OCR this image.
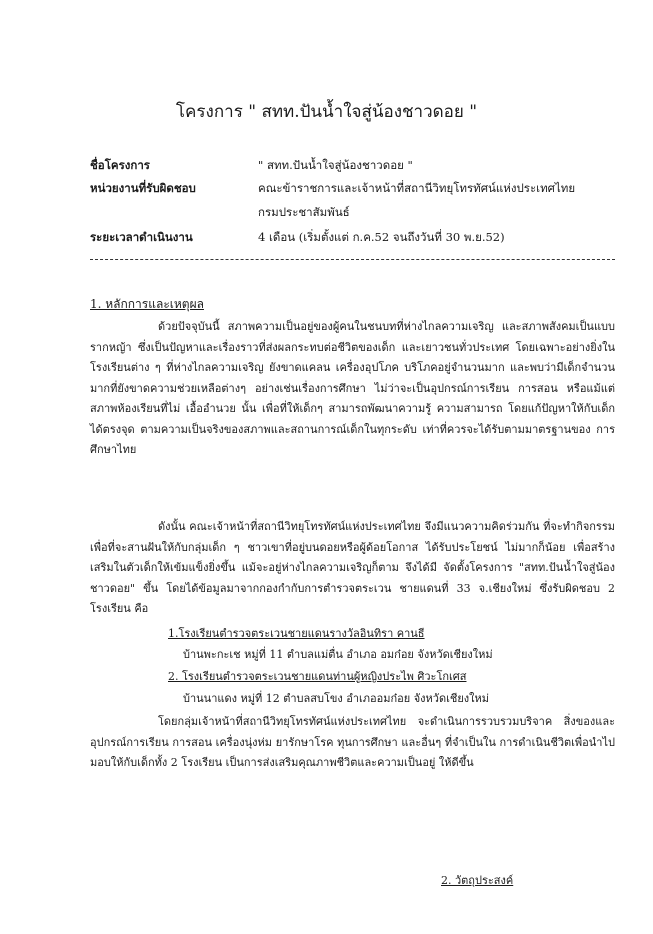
โครงการ " สทท.ปันน้ำใจสู่น้องชาวดอย "
ชื่อโครงการ	" สทท.ปันน้ำใจสู่น้องชาวดอย "
หน่วยงานที่รับผิดชอบ	คณะข้าราชการและเจ้าหน้าที่สถานีวิทยุโทรทัศน์แห่งประเทศไทย
กรมประชาสัมพันธ์
ระยะเวลาดำเนินงาน	4 เดือน (เริ่มตั้งแต่ ก.ค.52 จนถึงวันที่ 30 พ.ย.52)
1. หลักการและเหตุผล
ด้วยปัจจุบันนี้ สภาพความเป็นอยู่ของผู้คนในชนบทที่ห่างไกลความเจริญ และสภาพสังคมเป็นแบบรากหญ้า ซึ่งเป็นปัญหาและเรื่องราวที่ส่งผลกระทบต่อชีวิตของเด็ก และเยาวชนทั่วประเทศ โดยเฉพาะอย่างยิ่งในโรงเรียนต่าง ๆ ที่ห่างไกลความเจริญ ยังขาดแคลน เครื่องอุปโภค บริโภคอยู่จำนวนมาก และพบว่ามีเด็กจำนวนมากที่ยังขาดความช่วยเหลือต่างๆ อย่างเช่นเรื่องการศึกษา ไม่ว่าจะเป็นอุปกรณ์การเรียน การสอน หรือแม้แต่สภาพห้องเรียนที่ไม่ เอื้ออำนวย นั้น เพื่อที่ให้เด็กๆ สามารถพัฒนาความรู้ ความสามารถ โดยแก้ปัญหาให้กับเด็กได้ตรงจุด ตามความเป็นจริงของสภาพและสถานการณ์เด็กในทุกระดับ เท่าที่ควรจะได้รับตามมาตรฐานของ การศึกษาไทย
ดังนั้น คณะเจ้าหน้าที่สถานีวิทยุโทรทัศน์แห่งประเทศไทย จึงมีแนวความคิดร่วมกัน ที่จะทำกิจกรรมเพื่อที่จะสานฝันให้กับกลุ่มเด็ก ๆ ชาวเขาที่อยู่บนดอยหรือผู้ด้อยโอกาส ได้รับประโยชน์ ไม่มากก็น้อย เพื่อสร้างเสริมในตัวเด็กให้เข้มแข็งยิ่งขึ้น แม้จะอยู่ห่างไกลความเจริญก็ตาม จึงได้มี จัดตั้งโครงการ "สทท.ปันน้ำใจสู่น้องชาวดอย" ขึ้น โดยได้ข้อมูลมาจากกองกำกับการตำรวจตระเวน ชายแดนที่ 33 จ.เชียงใหม่ ซึ่งรับผิดชอบ 2 โรงเรียน คือ
1.โรงเรียนตำรวจตระเวนชายแดนรางวัลอินทิรา คานธี
บ้านพะกะเช หมู่ที่ 11 ตำบลแม่ตื่น อำเภอ อมก๋อย จังหวัดเชียงใหม่
2. โรงเรียนตำรวจตระเวนชายแดนท่านผู้หญิงประไพ ศิวะโกเศส
บ้านนาแดง หมู่ที่ 12 ตำบลสบโขง อำเภออมก๋อย จังหวัดเชียงใหม่
โดยกลุ่มเจ้าหน้าที่สถานีวิทยุโทรทัศน์แห่งประเทศไทย จะดำเนินการรวบรวมบริจาค สิ่งของและอุปกรณ์การเรียน การสอน เครื่องนุ่งห่ม ยารักษาโรค ทุนการศึกษา และอื่นๆ ที่จำเป็นใน การดำเนินชีวิตเพื่อนำไปมอบให้กับเด็กทั้ง 2 โรงเรียน เป็นการส่งเสริมคุณภาพชีวิตและความเป็นอยู่ ให้ดีขึ้น
2. วัตถุประสงค์
